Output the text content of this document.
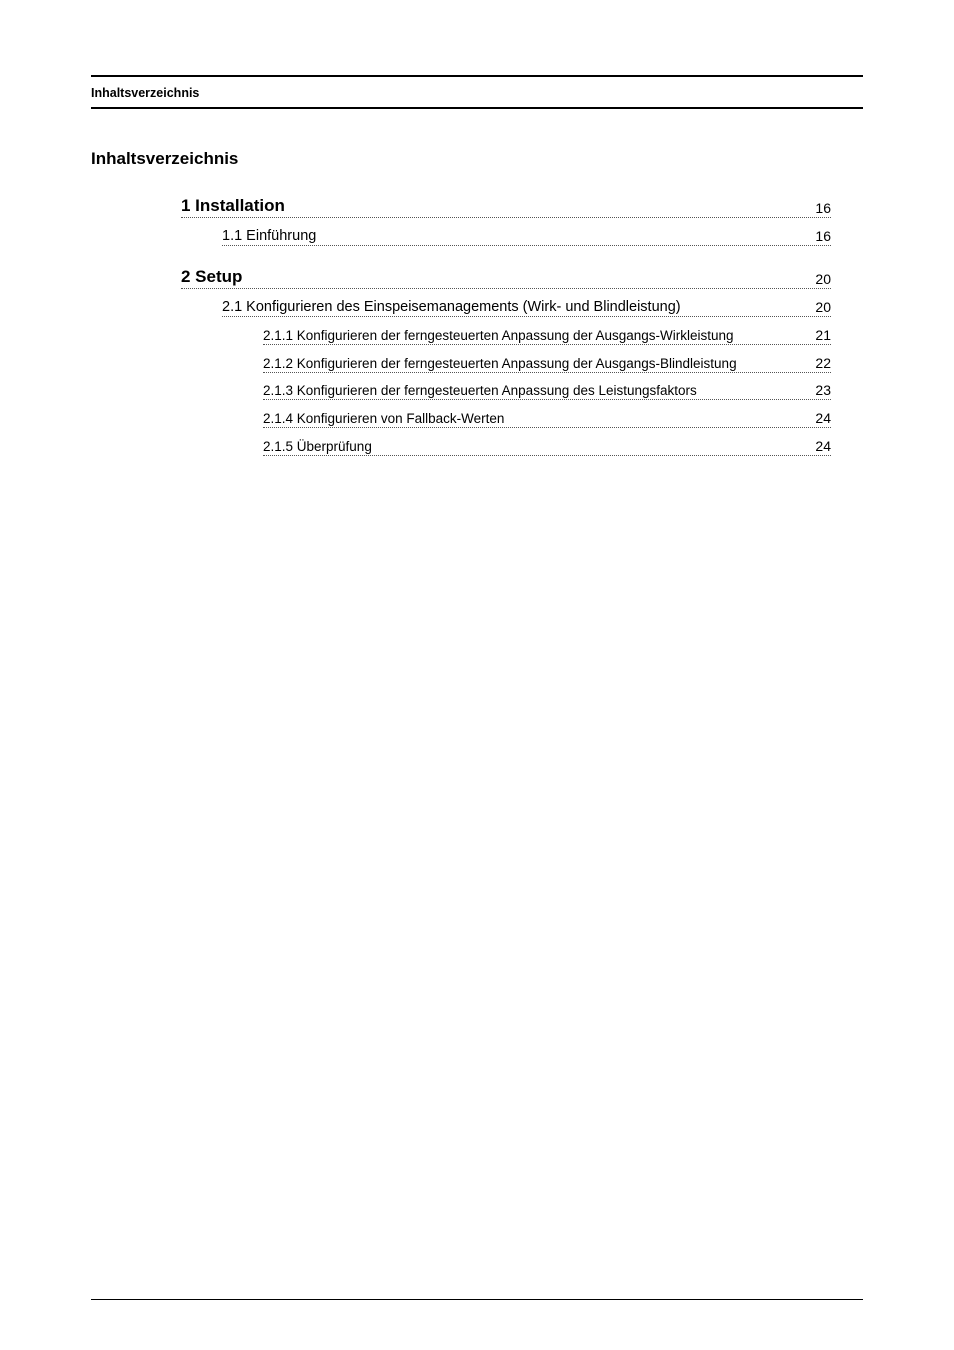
Inhaltsverzeichnis
Inhaltsverzeichnis
1 Installation	16
1.1 Einführung	16
2 Setup	20
2.1 Konfigurieren des Einspeisemanagements (Wirk- und Blindleistung)	20
2.1.1 Konfigurieren der ferngesteuerten Anpassung der Ausgangs-Wirkleistung	21
2.1.2 Konfigurieren der ferngesteuerten Anpassung der Ausgangs-Blindleistung	22
2.1.3 Konfigurieren der ferngesteuerten Anpassung des Leistungsfaktors	23
2.1.4 Konfigurieren von Fallback-Werten	24
2.1.5 Überprüfung	24
